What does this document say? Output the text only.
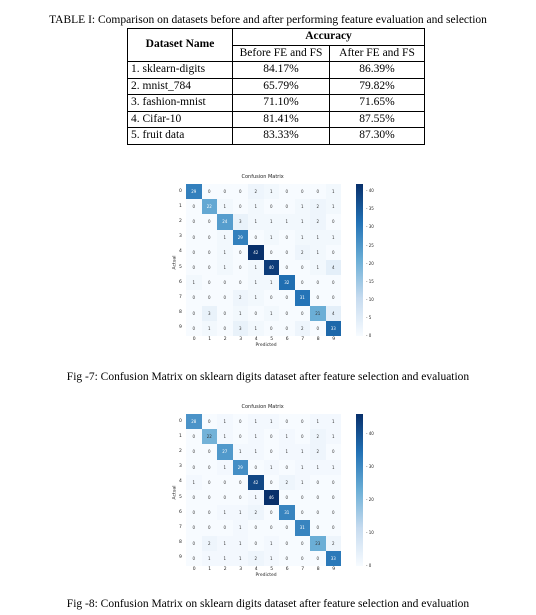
TABLE I: Comparison on datasets before and after performing feature evaluation and selection
Dataset Name	Accuracy	
	Before FE and FS	After FE and FS
1. sklearn-digits	84.17%	86.39%
2. mnist_784	65.79%	79.82%
3. fashion-mnist	71.10%	71.65%
4. Cifar-10	81.41%	87.55%
5. fruit data	83.33%	87.30%
Confusion Matrix
29	0	0	0	2	1	0	0	0	1
0	22	1	0	1	0	0	1	2	1
0	0	24	3	1	1	1	1	2	0
0	0	1	29	0	1	0	1	1	1
0	0	1	0	42	0	0	2	1	0
0	0	1	0	1	40	0	0	1	4
1	0	0	0	1	1	32	0	0	0
0	0	0	2	1	0	0	31	0	0
0	3	0	1	0	1	0	0	21	4
0	1	0	3	1	0	0	2	0	33
0
1
2
3
4
5
6
7
8
9
0	1	2	3	4	5	6	7	8	9
Predicted
Actual
- 0
- 5
- 10
- 15
- 20
- 25
- 30
- 35
- 40
Fig -7: Confusion Matrix on sklearn digits dataset after feature selection and evaluation
Confusion Matrix
28	0	1	0	1	1	0	0	1	1
0	22	1	0	1	0	1	0	2	1
0	0	27	1	1	0	1	1	2	0
0	0	1	29	0	1	0	1	1	1
1	0	0	0	42	0	2	1	0	0
0	0	0	0	1	46	0	0	0	0
0	0	1	1	2	0	31	0	0	0
0	0	0	1	0	0	0	31	0	0
0	2	1	1	0	1	0	0	23	2
0	1	1	1	2	1	0	0	0	33
0
1
2
3
4
5
6
7
8
9
0	1	2	3	4	5	6	7	8	9
Predicted
Actual
- 0
- 10
- 20
- 30
- 40
Fig -8: Confusion Matrix on sklearn digits dataset after feature selection and evaluation
